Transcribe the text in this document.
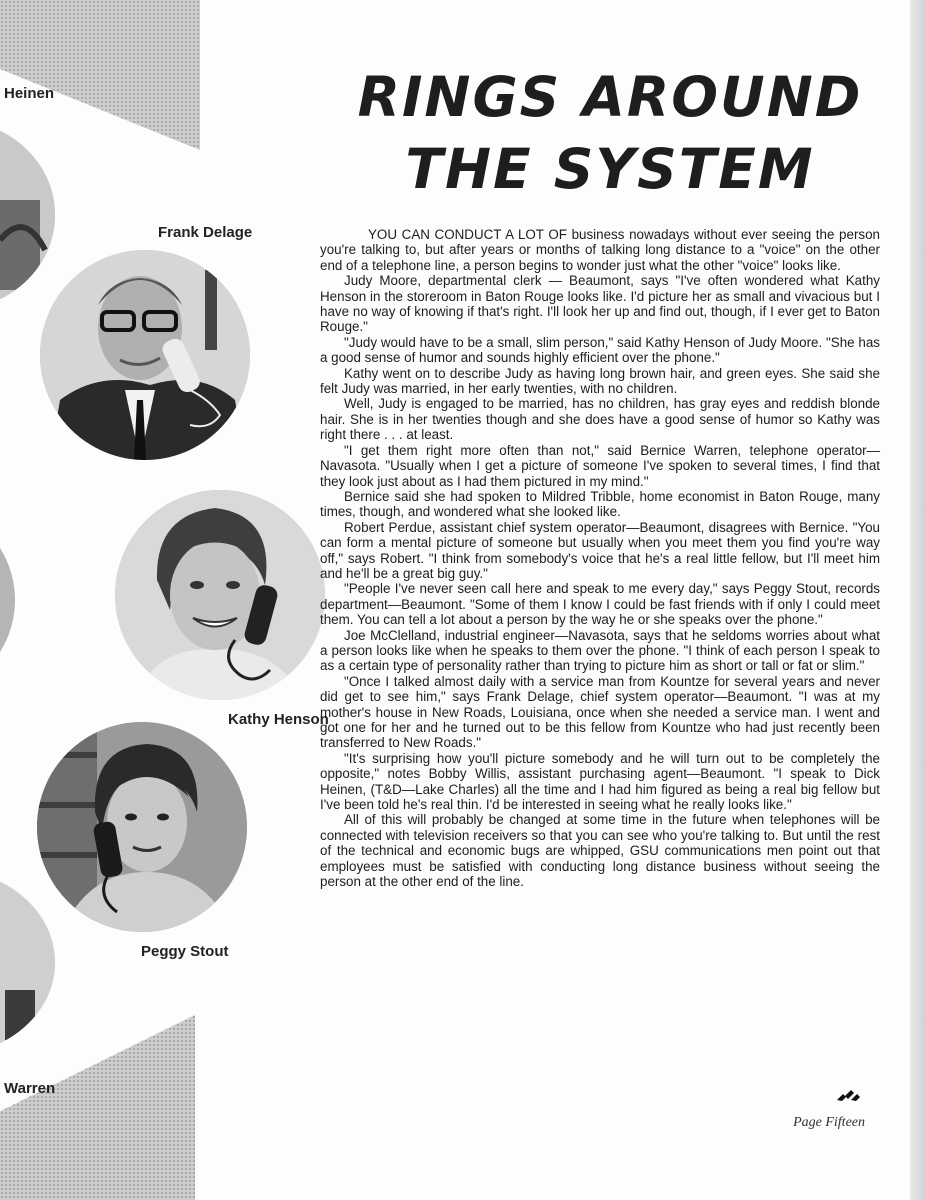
Heinen
Frank Delage
Kathy Henson
Peggy Stout
Warren
RINGS AROUND
THE SYSTEM

YOU CAN CONDUCT A LOT OF business nowadays without ever seeing the person you're talking to, but after years or months of talking long distance to a "voice" on the other end of a telephone line, a person begins to wonder just what the other "voice" looks like.

Judy Moore, departmental clerk — Beaumont, says "I've often wondered what Kathy Henson in the storeroom in Baton Rouge looks like. I'd picture her as small and vivacious but I have no way of knowing if that's right. I'll look her up and find out, though, if I ever get to Baton Rouge."

"Judy would have to be a small, slim person," said Kathy Henson of Judy Moore. "She has a good sense of humor and sounds highly efficient over the phone."

Kathy went on to describe Judy as having long brown hair, and green eyes. She said she felt Judy was married, in her early twenties, with no children.

Well, Judy is engaged to be married, has no children, has gray eyes and reddish blonde hair. She is in her twenties though and she does have a good sense of humor so Kathy was right there . . . at least.

"I get them right more often than not," said Bernice Warren, telephone operator—Navasota. "Usually when I get a picture of someone I've spoken to several times, I find that they look just about as I had them pictured in my mind."

Bernice said she had spoken to Mildred Tribble, home economist in Baton Rouge, many times, though, and wondered what she looked like.

Robert Perdue, assistant chief system operator—Beaumont, disagrees with Bernice. "You can form a mental picture of someone but usually when you meet them you find you're way off," says Robert. "I think from somebody's voice that he's a real little fellow, but I'll meet him and he'll be a great big guy."

"People I've never seen call here and speak to me every day," says Peggy Stout, records department—Beaumont. "Some of them I know I could be fast friends with if only I could meet them. You can tell a lot about a person by the way he or she speaks over the phone."

Joe McClelland, industrial engineer—Navasota, says that he seldoms worries about what a person looks like when he speaks to them over the phone. "I think of each person I speak to as a certain type of personality rather than trying to picture him as short or tall or fat or slim."

"Once I talked almost daily with a service man from Kountze for several years and never did get to see him," says Frank Delage, chief system operator—Beaumont. "I was at my mother's house in New Roads, Louisiana, once when she needed a service man. I went and got one for her and he turned out to be this fellow from Kountze who had just recently been transferred to New Roads."

"It's surprising how you'll picture somebody and he will turn out to be completely the opposite," notes Bobby Willis, assistant purchasing agent—Beaumont. "I speak to Dick Heinen, (T&D—Lake Charles) all the time and I had him figured as being a real big fellow but I've been told he's real thin. I'd be interested in seeing what he really looks like."

All of this will probably be changed at some time in the future when telephones will be connected with television receivers so that you can see who you're talking to. But until the rest of the technical and economic bugs are whipped, GSU communications men point out that employees must be satisfied with conducting long distance business without seeing the person at the other end of the line.

Page Fifteen
